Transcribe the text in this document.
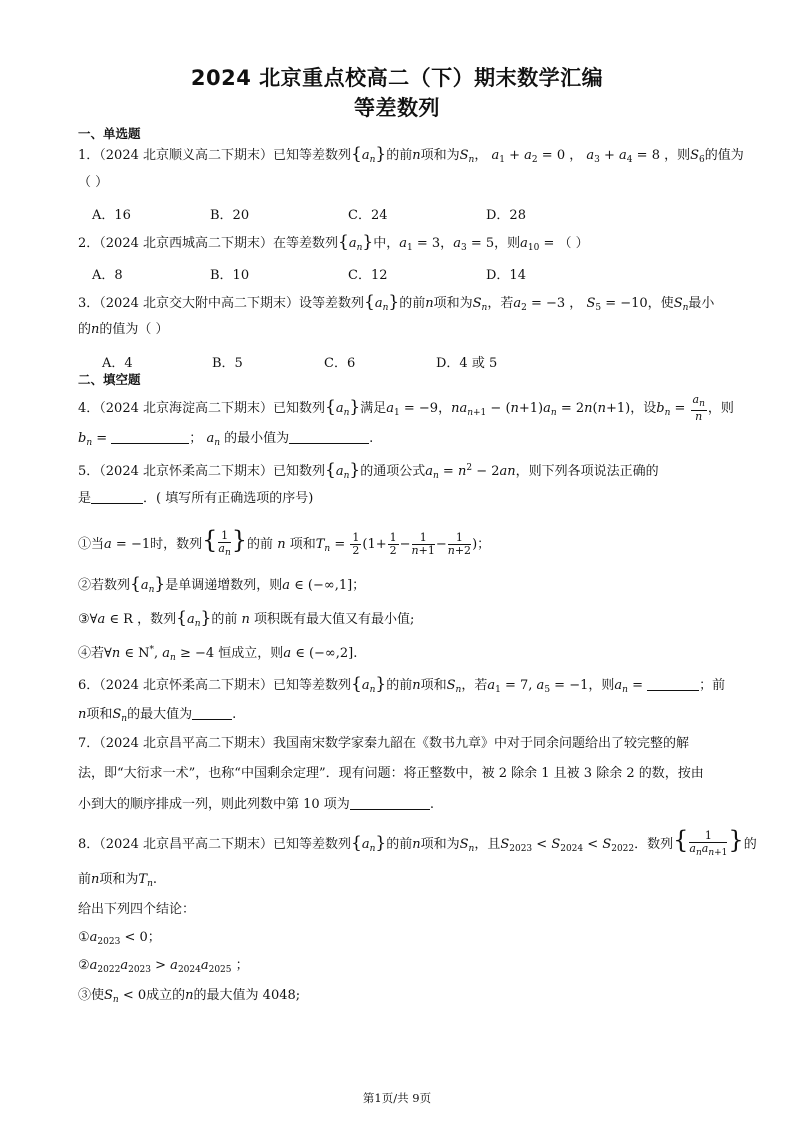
2024 北京重点校高二（下）期末数学汇编
等差数列
一、单选题
1．（2024 北京顺义高二下期末）已知等差数列$\{a_n\}$的前n项和为$S_n$， $a_1 + a_2 = 0$ ， $a_3 + a_4 = 8$ ，则$S_6$的值为
（ ）
A．16	B．20	C．24	D．28
2．（2024 北京西城高二下期末）在等差数列$\{a_n\}$中，$a_1 = 3$，$a_3 = 5$，则$a_{10}$ = （ ）
A．8	B．10	C．12	D．14
3．（2024 北京交大附中高二下期末）设等差数列$\{a_n\}$的前n项和为$S_n$，若$a_2 = -3$ ， $S_5 = -10$，使$S_n$最小
的n的值为（ ）
A．4	B．5	C．6	D．4 或 5
二、填空题
4．（2024 北京海淀高二下期末）已知数列$\{a_n\}$满足$a_1 = -9$，$na_{n+1} - (n+1)a_n = 2n(n+1)$，设$b_n = \frac{a_n}{n}$ ，则
$b_n$ =	； $a_n$ 的最小值为	.
5．（2024 北京怀柔高二下期末）已知数列$\{a_n\}$的通项公式$a_n = n^2 - 2an$，则下列各项说法正确的
是	．( 填写所有正确选项的序号)
①当a = −1时，数列{ $\frac{1}{a_n}$ }的前 n 项和$T_n = \frac{1}{2} (1+ \frac{1}{2} - \frac{1}{n+1} - \frac{1}{n+2}$ )；
②若数列$\{a_n\}$是单调递增数列，则a ∈ (−∞,1]；
③∀a ∈ R ，数列$\{a_n\}$的前 n 项积既有最大值又有最小值;
④若∀n ∈ N*, $a_n \ge -4$ 恒成立，则a ∈ (−∞,2].
6．（2024 北京怀柔高二下期末）已知等差数列$\{a_n\}$的前n项和$S_n$，若$a_1 = 7$, $a_5 = -1$，则$a_n$ =	；前
n项和$S_n$的最大值为	.
7．（2024 北京昌平高二下期末）我国南宋数学家秦九韶在《数书九章》中对于同余问题给出了较完整的解
法，即“大衍求一术”，也称“中国剩余定理”．现有问题：将正整数中，被 2 除余 1 且被 3 除余 2 的数，按由
小到大的顺序排成一列，则此列数中第 10 项为	.
8．（2024 北京昌平高二下期末）已知等差数列$\{a_n\}$的前n项和为$S_n$，且$S_{2023} < S_{2024} < S_{2022}$．数列{ $\frac{1}{a_na_{n+1}}$ }的
前n项和为$T_n$.
给出下列四个结论：
$①a_{2023} < 0$；
$②a_{2022}a_{2023} > a_{2024}a_{2025}$ ；
③使$S_n < 0$成立的n的最大值为 4048;
第1页/共 9页
